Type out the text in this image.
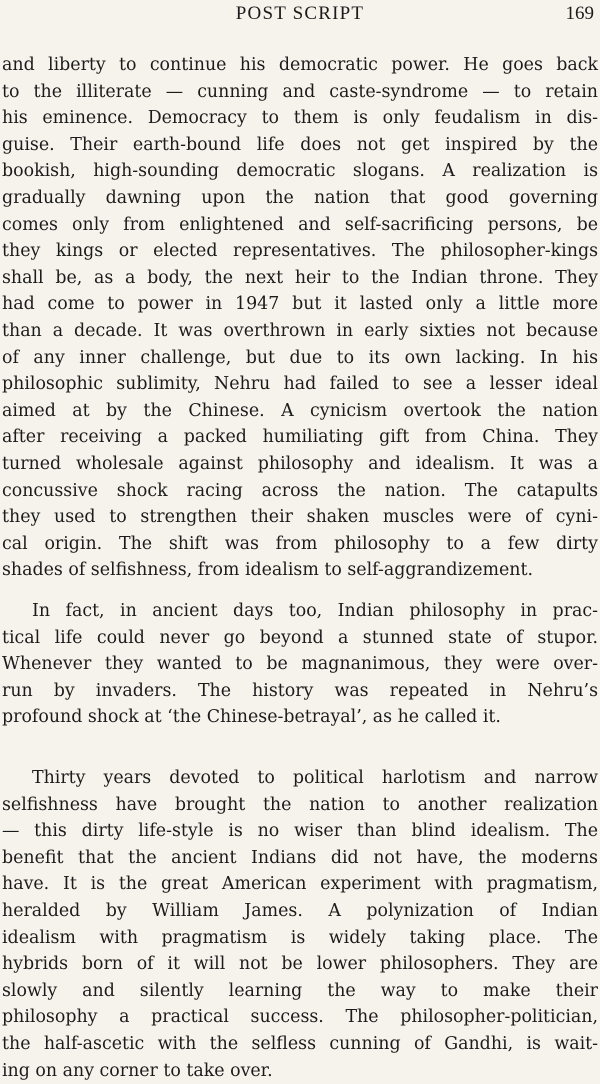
POST SCRIPT	169
and liberty to continue his democratic power. He goes back
to the illiterate — cunning and caste-syndrome — to retain
his eminence. Democracy to them is only feudalism in dis-
guise. Their earth-bound life does not get inspired by the
bookish, high-sounding democratic slogans. A realization is
gradually dawning upon the nation that good governing
comes only from enlightened and self-sacrificing persons, be
they kings or elected representatives. The philosopher-kings
shall be, as a body, the next heir to the Indian throne. They
had come to power in 1947 but it lasted only a little more
than a decade. It was overthrown in early sixties not because
of any inner challenge, but due to its own lacking. In his
philosophic sublimity, Nehru had failed to see a lesser ideal
aimed at by the Chinese. A cynicism overtook the nation
after receiving a packed humiliating gift from China. They
turned wholesale against philosophy and idealism. It was a
concussive shock racing across the nation. The catapults
they used to strengthen their shaken muscles were of cyni-
cal origin. The shift was from philosophy to a few dirty
shades of selfishness, from idealism to self-aggrandizement.
In fact, in ancient days too, Indian philosophy in prac-
tical life could never go beyond a stunned state of stupor.
Whenever they wanted to be magnanimous, they were over-
run by invaders. The history was repeated in Nehru’s
profound shock at ‘the Chinese-betrayal’, as he called it.
Thirty years devoted to political harlotism and narrow
selfishness have brought the nation to another realization
— this dirty life-style is no wiser than blind idealism. The
benefit that the ancient Indians did not have, the moderns
have. It is the great American experiment with pragmatism,
heralded by William James. A polynization of Indian
idealism with pragmatism is widely taking place. The
hybrids born of it will not be lower philosophers. They are
slowly and silently learning the way to make their
philosophy a practical success. The philosopher-politician,
the half-ascetic with the selfless cunning of Gandhi, is wait-
ing on any corner to take over.
